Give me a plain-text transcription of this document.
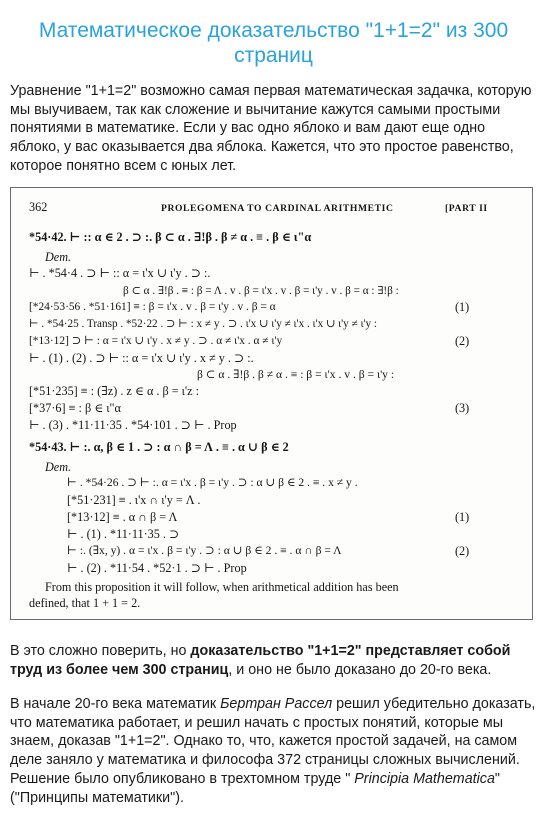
Математическое доказательство "1+1=2" из 300 страниц

Уравнение "1+1=2" возможно самая первая математическая задачка, которую мы выучиваем, так как сложение и вычитание кажутся самыми простыми понятиями в математике. Если у вас одно яблоко и вам дают еще одно яблоко, у вас оказывается два яблока. Кажется, что это простое равенство, которое понятно всем с юных лет.

362	PROLEGOMENA TO CARDINAL ARITHMETIC	[PART II
*54·42. ⊢ :: α ∈ 2 . ⊃ :. β ⊂ α . ∃!β . β ≠ α . ≡ . β ∈ ι"α
Dem.
⊢ . *54·4 . ⊃ ⊢ :: α = ι'x ∪ ι'y . ⊃ :.
β ⊂ α . ∃!β . ≡ : β = Λ . v . β = ι'x . v . β = ι'y . v . β = α : ∃!β :
[*24·53·56 . *51·161] ≡ : β = ι'x . v . β = ι'y . v . β = α
⊢ . *54·25 . Transp . *52·22 . ⊃ ⊢ : x ≠ y . ⊃ . ι'x ∪ ι'y ≠ ι'x . ι'x ∪ ι'y ≠ ι'y :
[*13·12] ⊃ ⊢ : α = ι'x ∪ ι'y . x ≠ y . ⊃ . α ≠ ι'x . α ≠ ι'y
⊢ . (1) . (2) . ⊃ ⊢ :: α = ι'x ∪ ι'y . x ≠ y . ⊃ :.
β ⊂ α . ∃!β . β ≠ α . ≡ : β = ι'x . v . β = ι'y :
[*51·235] ≡ : (∃z) . z ∈ α . β = ι'z :
[*37·6] ≡ : β ∈ ι"α
⊢ . (3) . *11·11·35 . *54·101 . ⊃ ⊢ . Prop
*54·43. ⊢ :. α, β ∈ 1 . ⊃ : α ∩ β = Λ . ≡ . α ∪ β ∈ 2
Dem.
⊢ . *54·26 . ⊃ ⊢ :. α = ι'x . β = ι'y . ⊃ : α ∪ β ∈ 2 . ≡ . x ≠ y .
[*51·231] ≡ . ι'x ∩ ι'y = Λ .
[*13·12] ≡ . α ∩ β = Λ
⊢ . (1) . *11·11·35 . ⊃
⊢ :. (∃x, y) . α = ι'x . β = ι'y . ⊃ : α ∪ β ∈ 2 . ≡ . α ∩ β = Λ
⊢ . (2) . *11·54 . *52·1 . ⊃ ⊢ . Prop
From this proposition it will follow, when arithmetical addition has been
defined, that 1 + 1 = 2.
(1)
(2)
(3)
(1)
(2)

В это сложно поверить, но доказательство "1+1=2" представляет собой труд из более чем 300 страниц, и оно не было доказано до 20-го века.

В начале 20-го века математик Бертран Рассел решил убедительно доказать, что математика работает, и решил начать с простых понятий, которые мы знаем, доказав "1+1=2". Однако то, что, кажется простой задачей, на самом деле заняло у математика и философа 372 страницы сложных вычислений. Решение было опубликовано в трехтомном труде " Principia Mathematica" ("Принципы математики").
